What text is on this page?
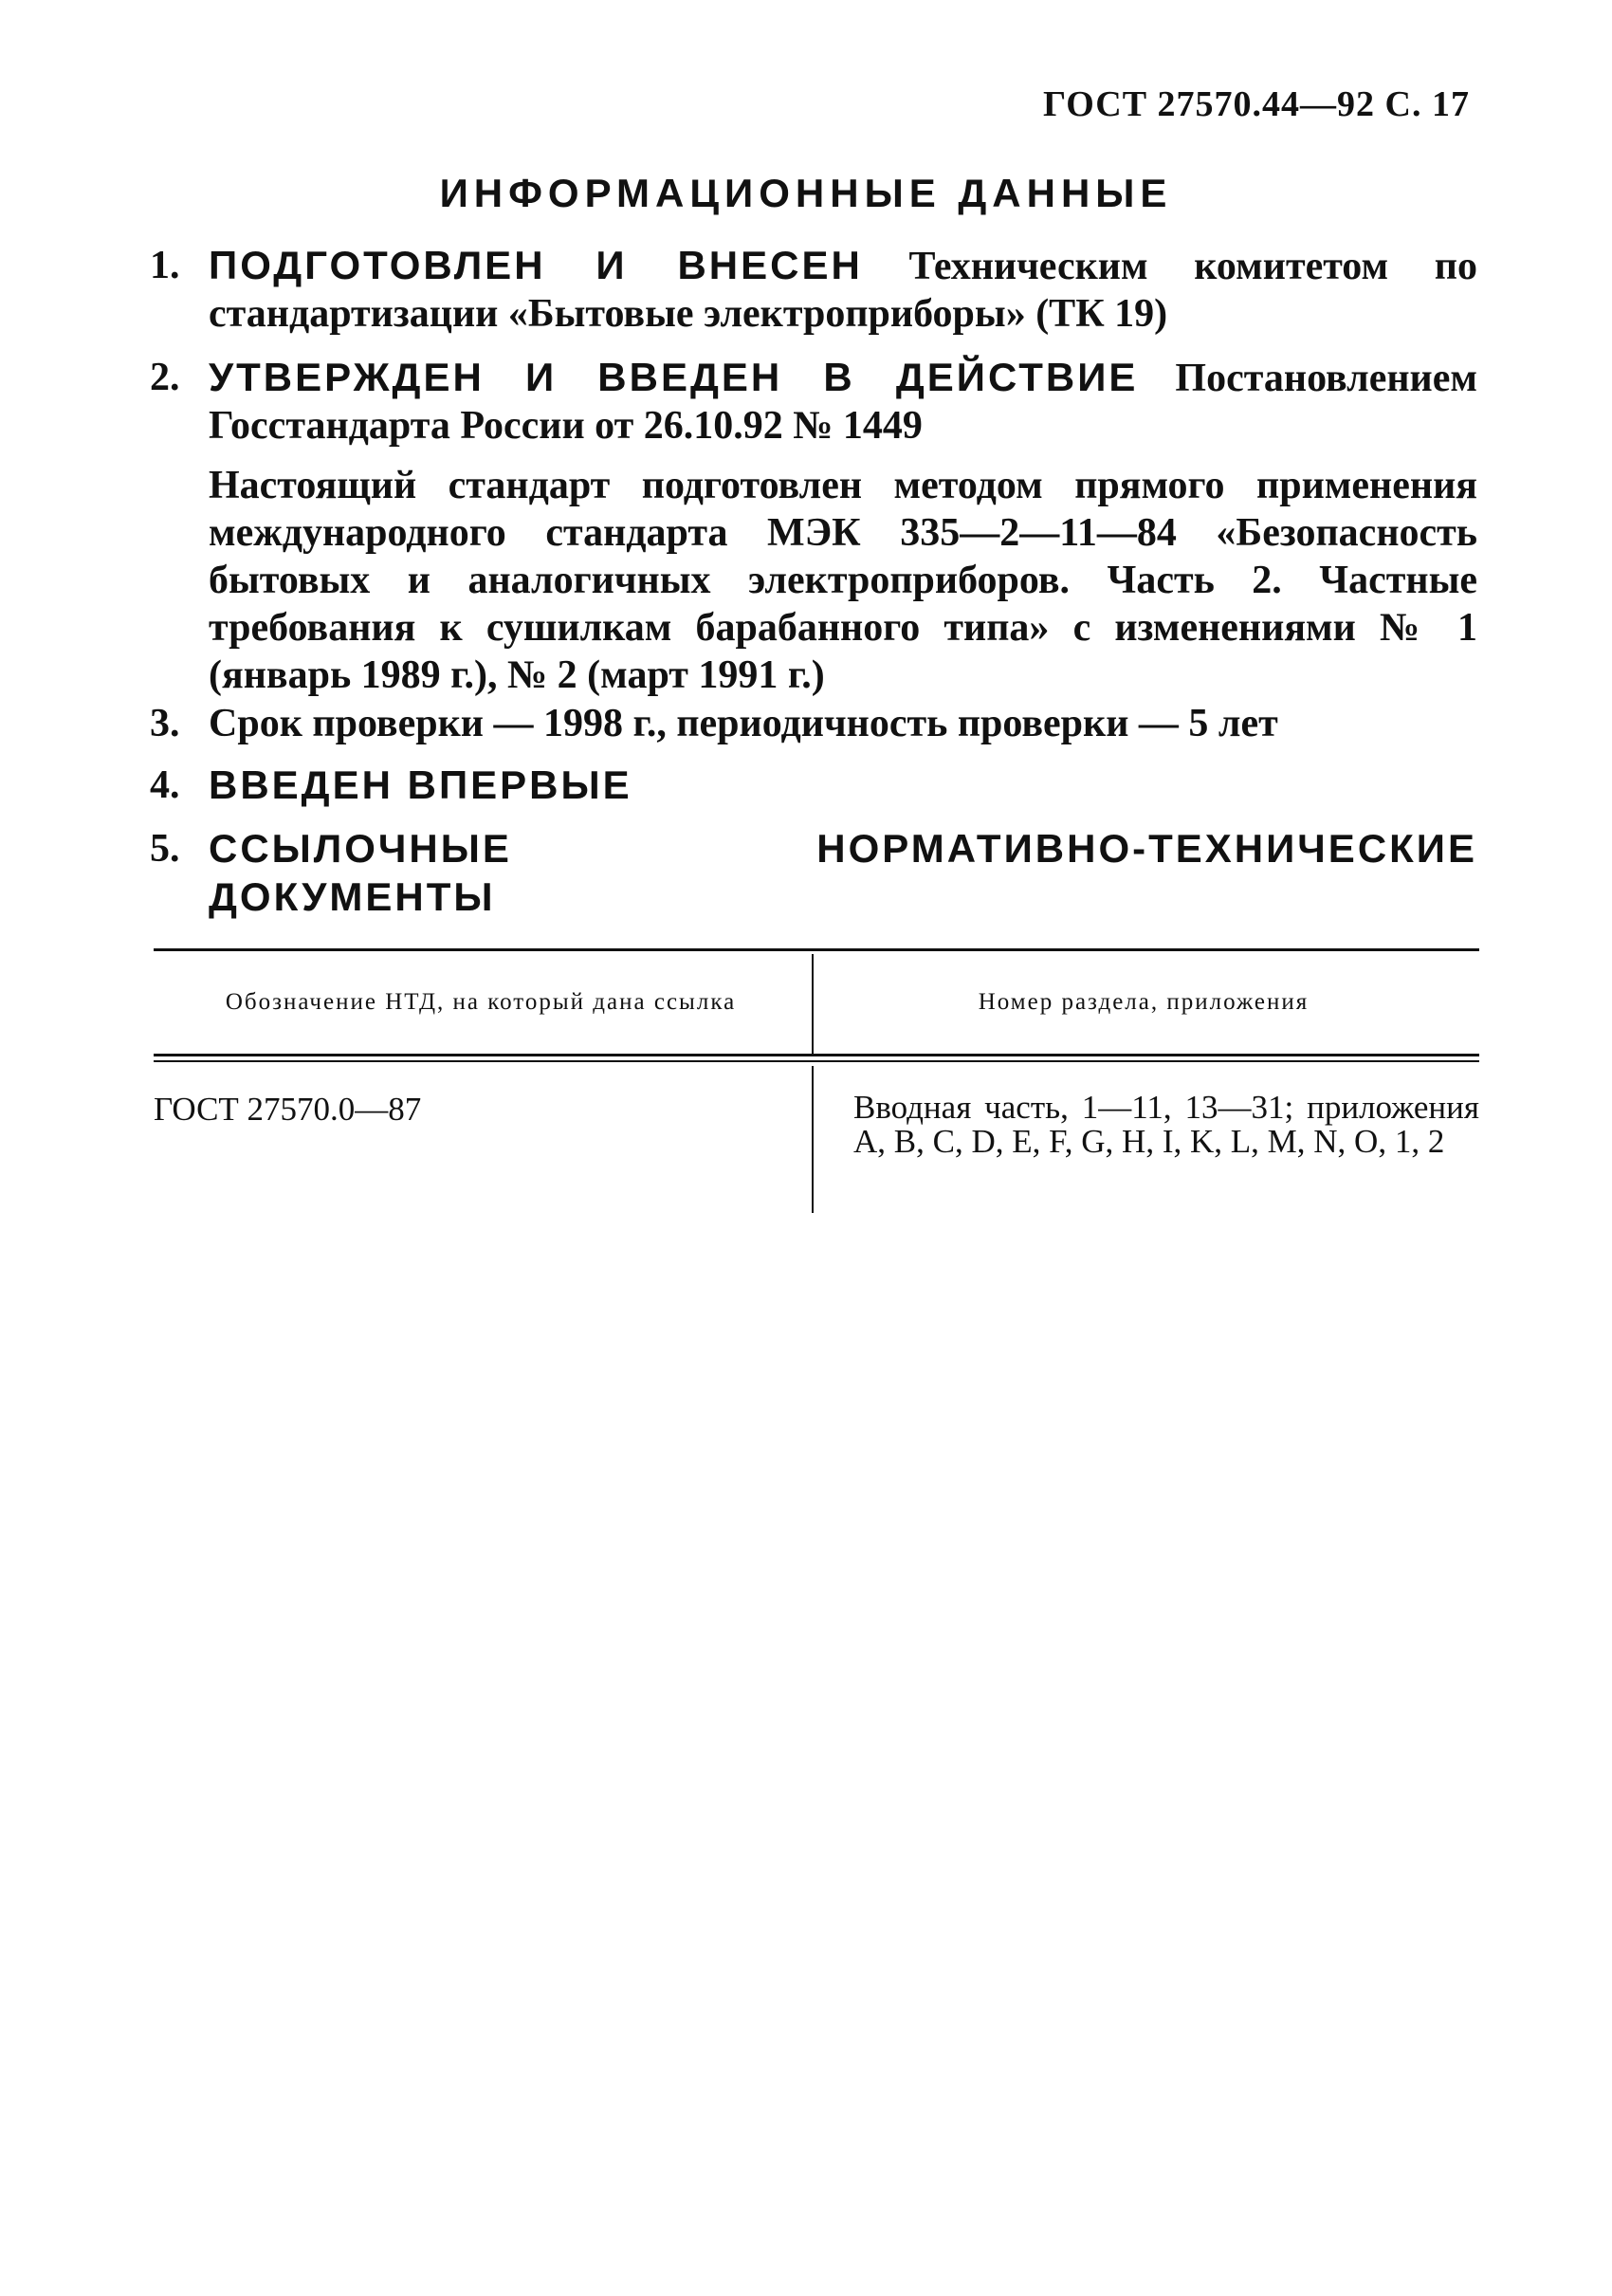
ГОСТ 27570.44—92 С. 17
ИНФОРМАЦИОННЫЕ ДАННЫЕ
1. ПОДГОТОВЛЕН И ВНЕСЕН Техническим комитетом по стандартизации «Бытовые электроприборы» (ТК 19)
2. УТВЕРЖДЕН И ВВЕДЕН В ДЕЙСТВИЕ Постановлением Госстандарта России от 26.10.92 № 1449
Настоящий стандарт подготовлен методом прямого применения международного стандарта МЭК 335—2—11—84 «Безопасность бытовых и аналогичных электроприборов. Часть 2. Частные требования к сушилкам барабанного типа» с изменениями № 1 (январь 1989 г.), № 2 (март 1991 г.)
3. Срок проверки — 1998 г., периодичность проверки — 5 лет
4. ВВЕДЕН ВПЕРВЫЕ
5. ССЫЛОЧНЫЕ НОРМАТИВНО-ТЕХНИЧЕСКИЕ ДОКУМЕНТЫ
Обозначение НТД, на который дана ссылка	Номер раздела, приложения
ГОСТ 27570.0—87	Вводная часть, 1—11, 13—31; приложения A, B, C, D, E, F, G, H, I, K, L, M, N, O, 1, 2
